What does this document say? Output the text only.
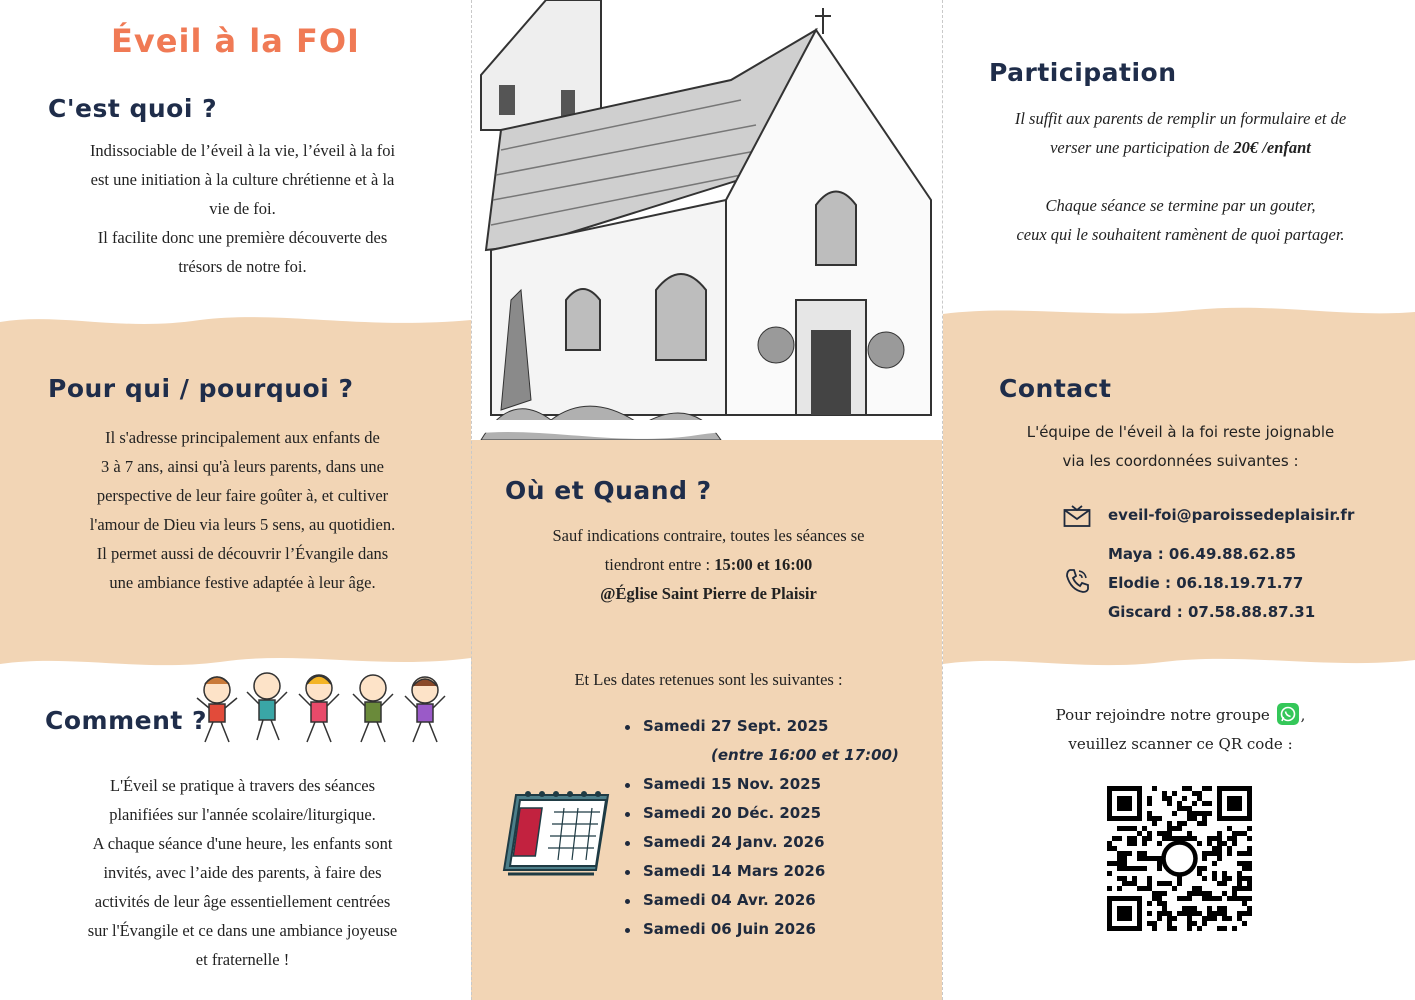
Éveil à la FOI
C'est quoi ?

Indissociable de l’éveil à la vie, l’éveil à la foi

est une initiation à la culture chrétienne et à la

vie de foi.

Il facilite donc une première découverte des

trésors de notre foi.

Pour qui / pourquoi ?

Il s'adresse principalement aux enfants de

3 à 7 ans, ainsi qu'à leurs parents, dans une

perspective de leur faire goûter à, et cultiver

l'amour de Dieu via leurs 5 sens, au quotidien.

Il permet aussi de découvrir l’Évangile dans

une ambiance festive adaptée à leur âge.

Comment ?

L'Éveil se pratique à travers des séances

planifiées sur l'année scolaire/liturgique.

A chaque séance d'une heure, les enfants sont

invités, avec l’aide des parents, à faire des

activités de leur âge essentiellement centrées

sur l'Évangile et ce dans une ambiance joyeuse

et fraternelle !

Où et Quand ?

Sauf indications contraire, toutes les séances se

tiendront entre : 15:00 et 16:00

@Église Saint Pierre de Plaisir

Et Les dates retenues sont les suivantes :
Samedi 27 Sept. 2025
(entre 16:00 et 17:00)
Samedi 15 Nov. 2025
Samedi 20 Déc. 2025
Samedi 24 Janv. 2026
Samedi 14 Mars 2026
Samedi 04 Avr. 2026
Samedi 06 Juin 2026
Participation

Il suffit aux parents de remplir un formulaire et de

verser une participation de 20€ /enfant

Chaque séance se termine par un gouter,

ceux qui le souhaitent ramènent de quoi partager.

Contact

L'équipe de l'éveil à la foi reste joignable

via les coordonnées suivantes :

eveil-foi@paroissedeplaisir.fr
Maya : 06.49.88.62.85
Elodie : 06.18.19.71.77
Giscard : 07.58.88.87.31

Pour rejoindre notre groupe ,

veuillez scanner ce QR code :
